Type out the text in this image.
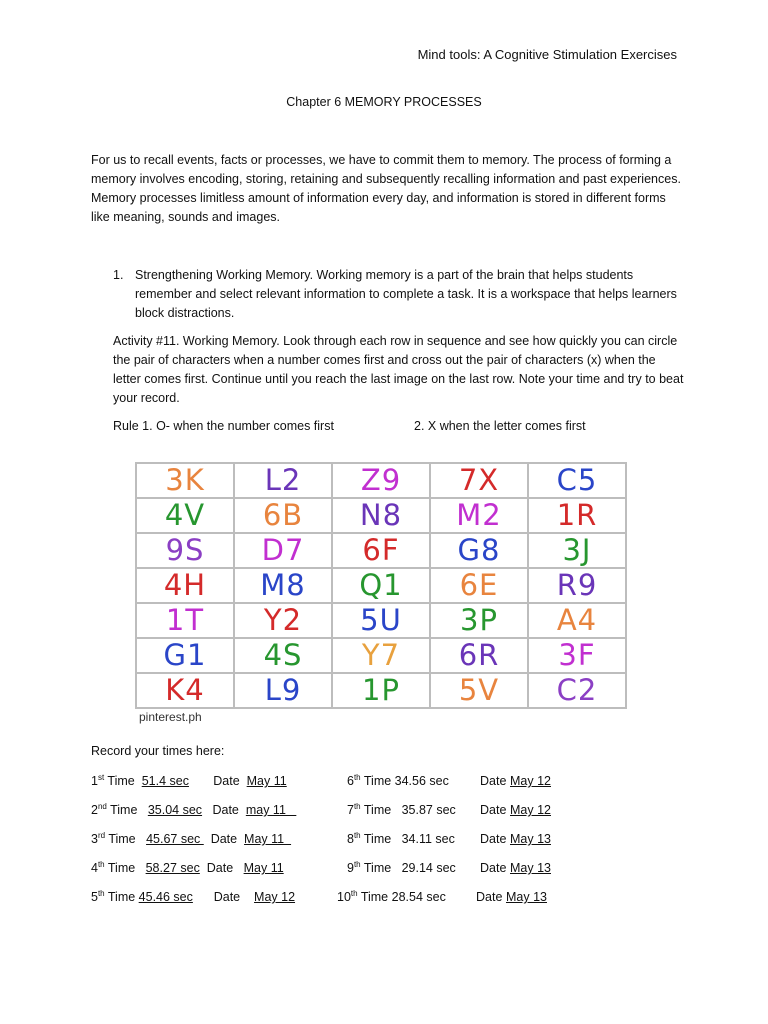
Mind tools: A Cognitive Stimulation Exercises
Chapter 6 MEMORY PROCESSES

For us to recall events, facts or processes, we have to commit them to memory. The process of forming a memory involves encoding, storing, retaining and subsequently recalling information and past experiences. Memory processes limitless amount of information every day, and information is stored in different forms like meaning, sounds and images.

1. Strengthening Working Memory. Working memory is a part of the brain that helps students remember and select relevant information to complete a task. It is a workspace that helps learners block distractions.

Activity #11. Working Memory. Look through each row in sequence and see how quickly you can circle the pair of characters when a number comes first and cross out the pair of characters (x) when the letter comes first. Continue until you reach the last image on the last row. Note your time and try to beat your record.

Rule 1. O- when the number comes first	2. X when the letter comes first
3K	L2	Z9	7X	C5
4V	6B	N8	M2	1R
9S	D7	6F	G8	3J
4H	M8	Q1	6E	R9
1T	Y2	5U	3P	A4
G1	4S	Y7	6R	3F
K4	L9	1P	5V	C2
pinterest.ph
Record your times here:
1st Time  51.4 sec       Date  May 11	6th Time 34.56 sec Date May 12
2nd Time   35.04 sec   Date  may 11	7th Time   35.87 sec Date May 12
3rd Time   45.67 sec   Date  May 11	8th Time   34.11 sec Date May 13
4th Time   58.27 sec  Date   May 11	9th Time   29.14 sec Date May 13
5th Time 45.46 sec      Date    May 12	10th Time 28.54 sec Date May 13
